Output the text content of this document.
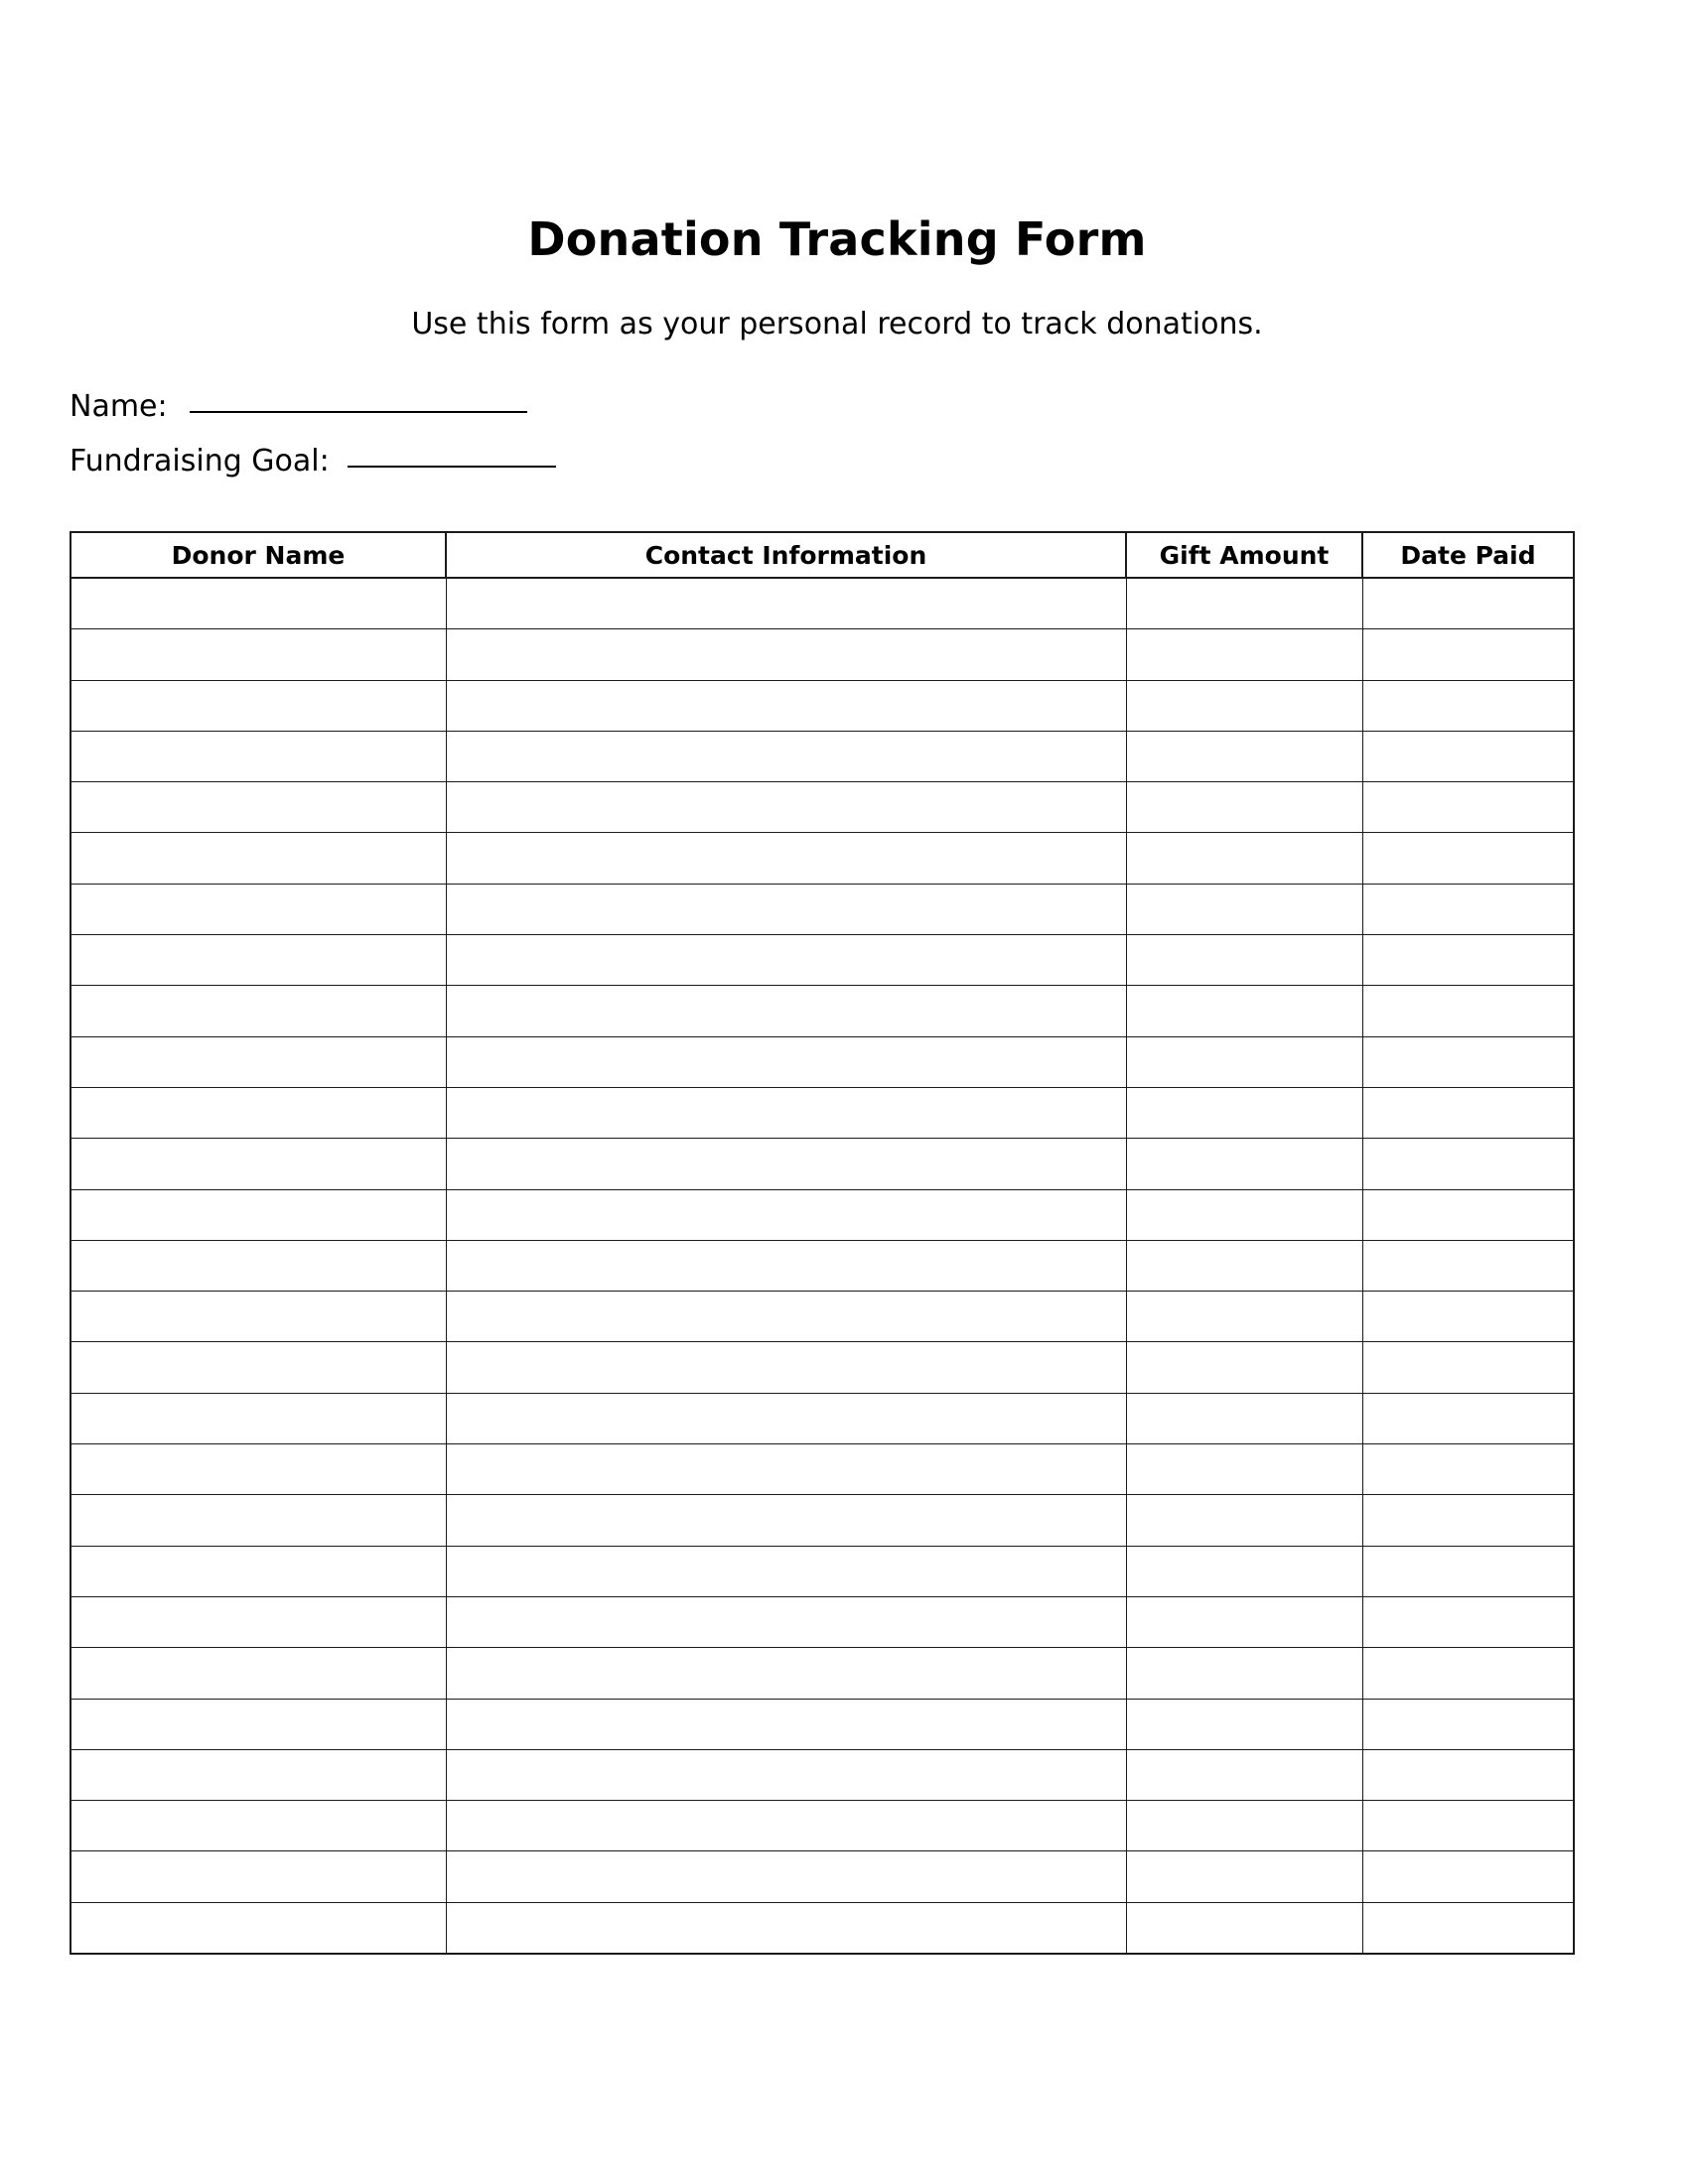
Donation Tracking Form

Use this form as your personal record to track donations.

Name:
Fundraising Goal:
Donor Name	Contact Information	Gift Amount	Date Paid
